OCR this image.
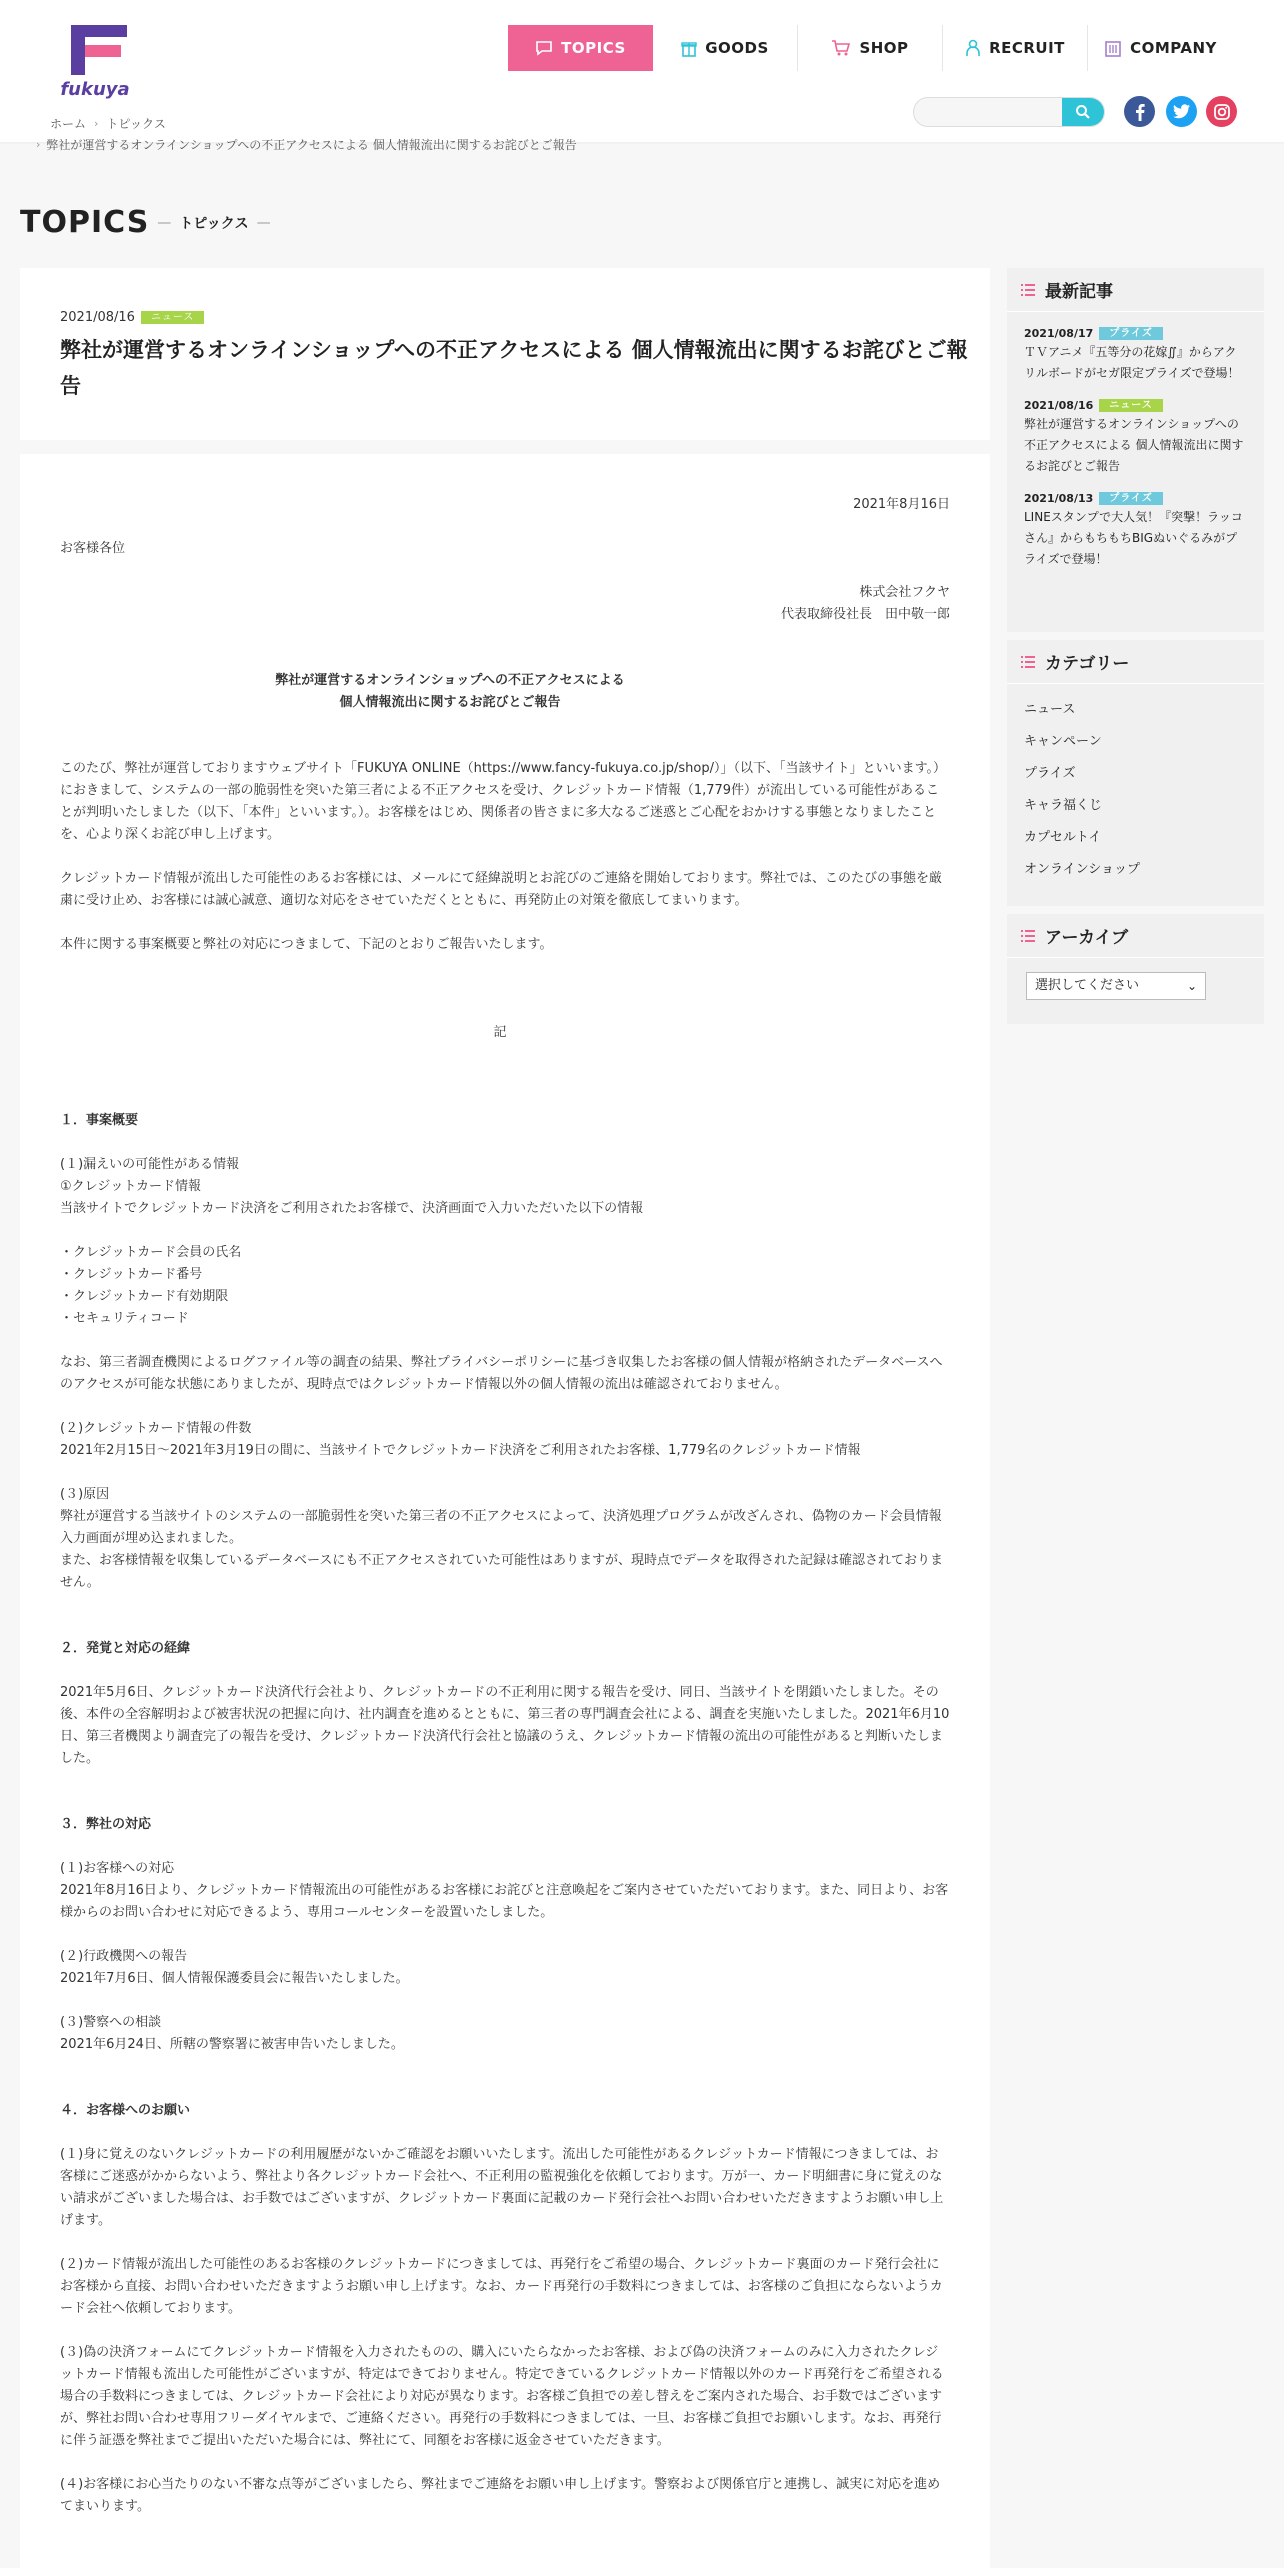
fukuya
TOPICS	GOODS	SHOP	RECRUIT	COMPANY
ホーム › トピックス
› 弊社が運営するオンラインショップへの不正アクセスによる 個人情報流出に関するお詫びとご報告
TOPICS — トピックス —
2021/08/16	ニュース
弊社が運営するオンラインショップへの不正アクセスによる 個人情報流出に関するお詫びとご報告

2021年8月16日

お客様各位

株式会社フクヤ

代表取締役社長　田中敬一郎

弊社が運営するオンラインショップへの不正アクセスによる

個人情報流出に関するお詫びとご報告

このたび、弊社が運営しておりますウェブサイト「FUKUYA ONLINE（https://www.fancy-fukuya.co.jp/shop/）」（以下、「当該サイト」といいます。）におきまして、システムの一部の脆弱性を突いた第三者による不正アクセスを受け、クレジットカード情報（1,779件）が流出している可能性があることが判明いたしました（以下、「本件」といいます。）。お客様をはじめ、関係者の皆さまに多大なるご迷惑とご心配をおかけする事態となりましたことを、心より深くお詫び申し上げます。

クレジットカード情報が流出した可能性のあるお客様には、メールにて経緯説明とお詫びのご連絡を開始しております。弊社では、このたびの事態を厳粛に受け止め、お客様には誠心誠意、適切な対応をさせていただくとともに、再発防止の対策を徹底してまいります。

本件に関する事案概要と弊社の対応につきまして、下記のとおりご報告いたします。

記

１．事案概要

(１)漏えいの可能性がある情報

①クレジットカード情報

当該サイトでクレジットカード決済をご利用されたお客様で、決済画面で入力いただいた以下の情報

・クレジットカード会員の氏名

・クレジットカード番号

・クレジットカード有効期限

・セキュリティコード

なお、第三者調査機関によるログファイル等の調査の結果、弊社プライバシーポリシーに基づき収集したお客様の個人情報が格納されたデータベースへのアクセスが可能な状態にありましたが、現時点ではクレジットカード情報以外の個人情報の流出は確認されておりません。

(２)クレジットカード情報の件数

2021年2月15日～2021年3月19日の間に、当該サイトでクレジットカード決済をご利用されたお客様、1,779名のクレジットカード情報

(３)原因

弊社が運営する当該サイトのシステムの一部脆弱性を突いた第三者の不正アクセスによって、決済処理プログラムが改ざんされ、偽物のカード会員情報入力画面が埋め込まれました。

また、お客様情報を収集しているデータベースにも不正アクセスされていた可能性はありますが、現時点でデータを取得された記録は確認されておりません。

２．発覚と対応の経緯

2021年5月6日、クレジットカード決済代行会社より、クレジットカードの不正利用に関する報告を受け、同日、当該サイトを閉鎖いたしました。その後、本件の全容解明および被害状況の把握に向け、社内調査を進めるとともに、第三者の専門調査会社による、調査を実施いたしました。2021年6月10日、第三者機関より調査完了の報告を受け、クレジットカード決済代行会社と協議のうえ、クレジットカード情報の流出の可能性があると判断いたしました。

３．弊社の対応

(１)お客様への対応

2021年8月16日より、クレジットカード情報流出の可能性があるお客様にお詫びと注意喚起をご案内させていただいております。また、同日より、お客様からのお問い合わせに対応できるよう、専用コールセンターを設置いたしました。

(２)行政機関への報告

2021年7月6日、個人情報保護委員会に報告いたしました。

(３)警察への相談

2021年6月24日、所轄の警察署に被害申告いたしました。

４．お客様へのお願い

(１)身に覚えのないクレジットカードの利用履歴がないかご確認をお願いいたします。流出した可能性があるクレジットカード情報につきましては、お客様にご迷惑がかからないよう、弊社より各クレジットカード会社へ、不正利用の監視強化を依頼しております。万が一、カード明細書に身に覚えのない請求がございました場合は、お手数ではございますが、クレジットカード裏面に記載のカード発行会社へお問い合わせいただきますようお願い申し上げます。

(２)カード情報が流出した可能性のあるお客様のクレジットカードにつきましては、再発行をご希望の場合、クレジットカード裏面のカード発行会社にお客様から直接、お問い合わせいただきますようお願い申し上げます。なお、カード再発行の手数料につきましては、お客様のご負担にならないようカード会社へ依頼しております。

(３)偽の決済フォームにてクレジットカード情報を入力されたものの、購入にいたらなかったお客様、および偽の決済フォームのみに入力されたクレジットカード情報も流出した可能性がございますが、特定はできておりません。特定できているクレジットカード情報以外のカード再発行をご希望される場合の手数料につきましては、クレジットカード会社により対応が異なります。お客様ご負担での差し替えをご案内された場合、お手数ではございますが、弊社お問い合わせ専用フリーダイヤルまで、ご連絡ください。再発行の手数料につきましては、一旦、お客様ご負担でお願いします。なお、再発行に伴う証憑を弊社までご提出いただいた場合には、弊社にて、同額をお客様に返金させていただきます。

(４)お客様にお心当たりのない不審な点等がございましたら、弊社までご連絡をお願い申し上げます。警察および関係官庁と連携し、誠実に対応を進めてまいります。

最新記事
2021/08/17	プライズ
ＴＶアニメ『五等分の花嫁∬』からアクリルボードがセガ限定プライズで登場！
2021/08/16	ニュース
弊社が運営するオンラインショップへの不正アクセスによる 個人情報流出に関するお詫びとご報告
2021/08/13	プライズ
LINEスタンプで大人気！『突撃！ラッコさん』からもちもちBIGぬいぐるみがプライズで登場！
カテゴリー
ニュース
キャンペーン
プライズ
キャラ福くじ
カプセルトイ
オンラインショップ
アーカイブ
選択してください	⌄
